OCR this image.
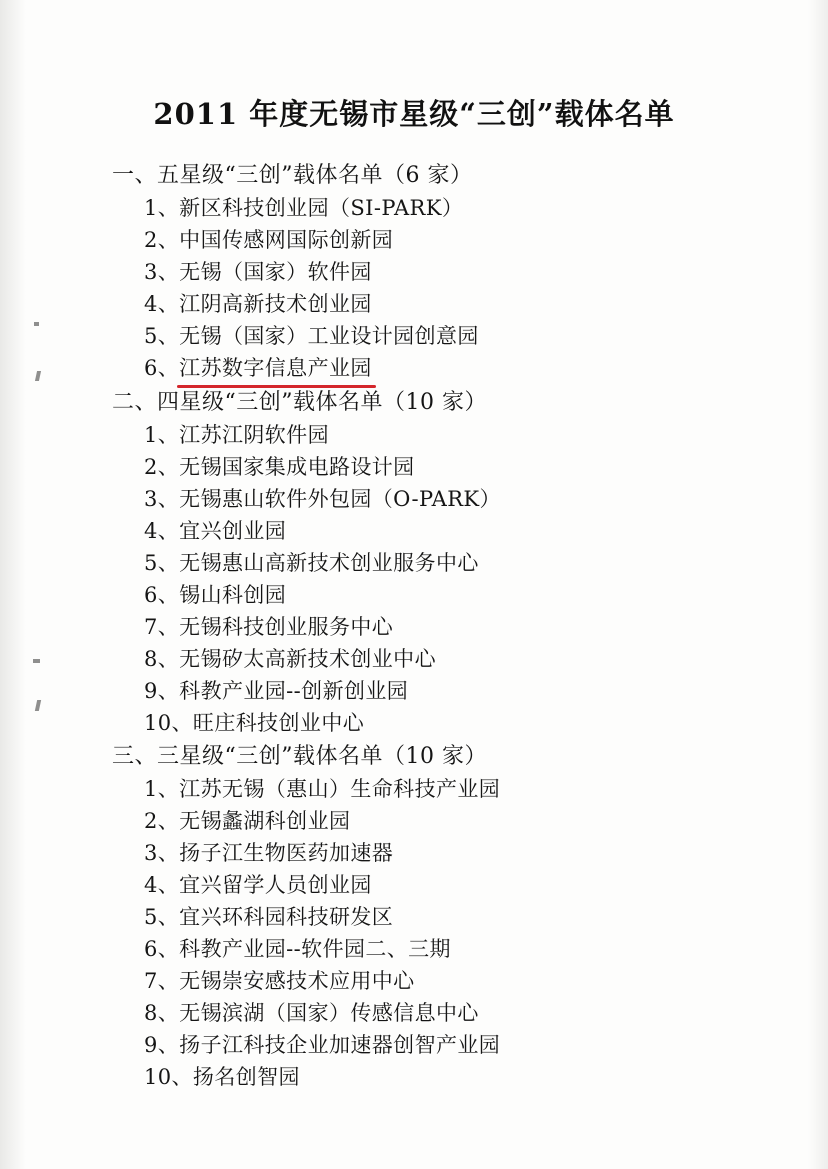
2011 年度无锡市星级“三创”载体名单
一、五星级“三创”载体名单（6 家）
1、新区科技创业园（SI-PARK）
2、中国传感网国际创新园
3、无锡（国家）软件园
4、江阴高新技术创业园
5、无锡（国家）工业设计园创意园
6、江苏数字信息产业园
二、四星级“三创”载体名单（10 家）
1、江苏江阴软件园
2、无锡国家集成电路设计园
3、无锡惠山软件外包园（O-PARK）
4、宜兴创业园
5、无锡惠山高新技术创业服务中心
6、锡山科创园
7、无锡科技创业服务中心
8、无锡矽太高新技术创业中心
9、科教产业园--创新创业园
10、旺庄科技创业中心
三、三星级“三创”载体名单（10 家）
1、江苏无锡（惠山）生命科技产业园
2、无锡蠡湖科创业园
3、扬子江生物医药加速器
4、宜兴留学人员创业园
5、宜兴环科园科技研发区
6、科教产业园--软件园二、三期
7、无锡崇安感技术应用中心
8、无锡滨湖（国家）传感信息中心
9、扬子江科技企业加速器创智产业园
10、扬名创智园
